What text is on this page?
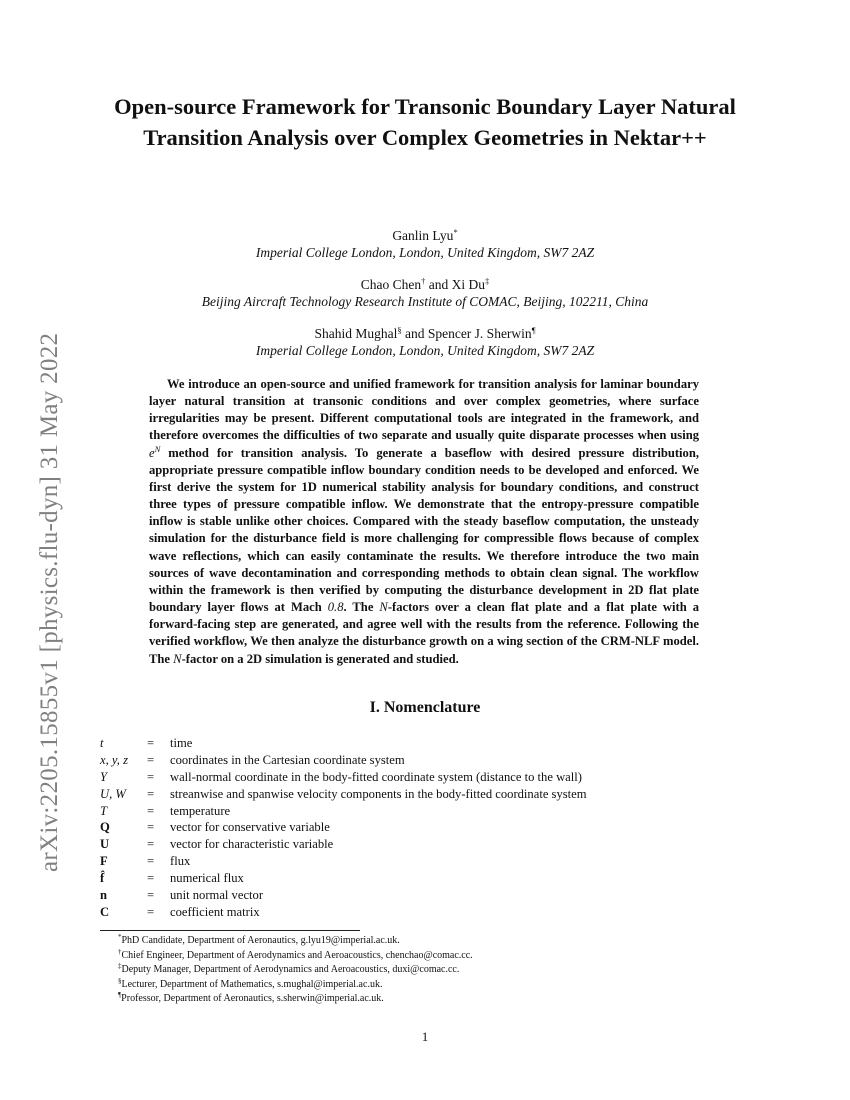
arXiv:2205.15855v1 [physics.flu-dyn] 31 May 2022
Open-source Framework for Transonic Boundary Layer Natural Transition Analysis over Complex Geometries in Nektar++
Ganlin Lyu*
Imperial College London, London, United Kingdom, SW7 2AZ
Chao Chen† and Xi Du‡
Beijing Aircraft Technology Research Institute of COMAC, Beijing, 102211, China
Shahid Mughal§ and Spencer J. Sherwin¶
Imperial College London, London, United Kingdom, SW7 2AZ

We introduce an open-source and unified framework for transition analysis for laminar boundary layer natural transition at transonic conditions and over complex geometries, where surface irregularities may be present. Different computational tools are integrated in the framework, and therefore overcomes the difficulties of two separate and usually quite disparate processes when using $e^N$ method for transition analysis. To generate a baseflow with desired pressure distribution, appropriate pressure compatible inflow boundary condition needs to be developed and enforced. We first derive the system for 1D numerical stability analysis for boundary conditions, and construct three types of pressure compatible inflow. We demonstrate that the entropy-pressure compatible inflow is stable unlike other choices. Compared with the steady baseflow computation, the unsteady simulation for the disturbance field is more challenging for compressible flows because of complex wave reflections, which can easily contaminate the results. We therefore introduce the two main sources of wave decontamination and corresponding methods to obtain clean signal. The workflow within the framework is then verified by computing the disturbance development in 2D flat plate boundary layer flows at Mach 0.8. The N-factors over a clean flat plate and a flat plate with a forward-facing step are generated, and agree well with the results from the reference. Following the verified workflow, We then analyze the disturbance growth on a wing section of the CRM-NLF model. The N-factor on a 2D simulation is generated and studied.

I. Nomenclature
t	= time
x, y, z = coordinates in the Cartesian coordinate system
Y	= wall-normal coordinate in the body-fitted coordinate system (distance to the wall)
U, W = streanwise and spanwise velocity components in the body-fitted coordinate system
T	= temperature
Q	= vector for conservative variable
U	= vector for characteristic variable
F	= flux
f̂	= numerical flux
n	= unit normal vector
C	= coefficient matrix
*PhD Candidate, Department of Aeronautics, g.lyu19@imperial.ac.uk.
†Chief Engineer, Department of Aerodynamics and Aeroacoustics, chenchao@comac.cc.
‡Deputy Manager, Department of Aerodynamics and Aeroacoustics, duxi@comac.cc.
§Lecturer, Department of Mathematics, s.mughal@imperial.ac.uk.
¶Professor, Department of Aeronautics, s.sherwin@imperial.ac.uk.
1
